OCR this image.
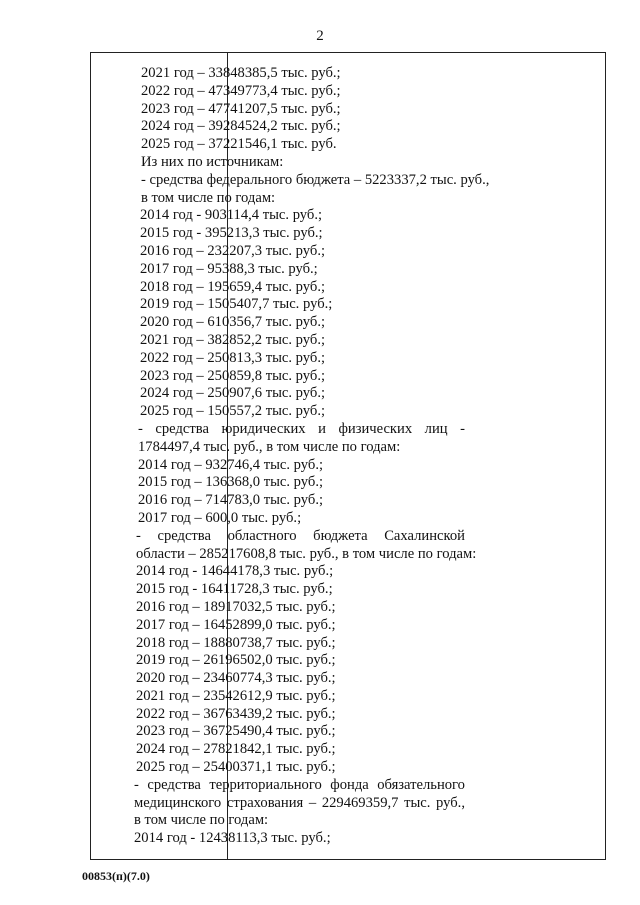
2
2021 год – 33848385,5 тыс. руб.;
2022 год – 47349773,4 тыс. руб.;
2023 год – 47741207,5 тыс. руб.;
2024 год – 39284524,2 тыс. руб.;
2025 год – 37221546,1 тыс. руб.
Из них по источникам:
- средства федерального бюджета – 5223337,2 тыс. руб.,
в том числе по годам:
2014 год - 903114,4 тыс. руб.;
2015 год - 395213,3 тыс. руб.;
2016 год – 232207,3 тыс. руб.;
2017 год – 95388,3 тыс. руб.;
2018 год – 195659,4 тыс. руб.;
2019 год – 1505407,7 тыс. руб.;
2020 год – 610356,7 тыс. руб.;
2021 год – 382852,2 тыс. руб.;
2022 год – 250813,3 тыс. руб.;
2023 год – 250859,8 тыс. руб.;
2024 год – 250907,6 тыс. руб.;
2025 год – 150557,2 тыс. руб.;
- средства юридических и физических лиц -
1784497,4 тыс. руб., в том числе по годам:
2014 год – 932746,4 тыс. руб.;
2015 год – 136368,0 тыс. руб.;
2016 год – 714783,0 тыс. руб.;
2017 год – 600,0 тыс. руб.;
- средства областного бюджета Сахалинской
области – 285217608,8 тыс. руб., в том числе по годам:
2014 год - 14644178,3 тыс. руб.;
2015 год - 16411728,3 тыс. руб.;
2016 год – 18917032,5 тыс. руб.;
2017 год – 16452899,0 тыс. руб.;
2018 год – 18880738,7 тыс. руб.;
2019 год – 26196502,0 тыс. руб.;
2020 год – 23460774,3 тыс. руб.;
2021 год – 23542612,9 тыс. руб.;
2022 год – 36763439,2 тыс. руб.;
2023 год – 36725490,4 тыс. руб.;
2024 год – 27821842,1 тыс. руб.;
2025 год – 25400371,1 тыс. руб.;
- средства территориального фонда обязательного
медицинского страхования – 229469359,7 тыс. руб.,
в том числе по годам:
2014 год - 12438113,3 тыс. руб.;
00853(п)(7.0)
